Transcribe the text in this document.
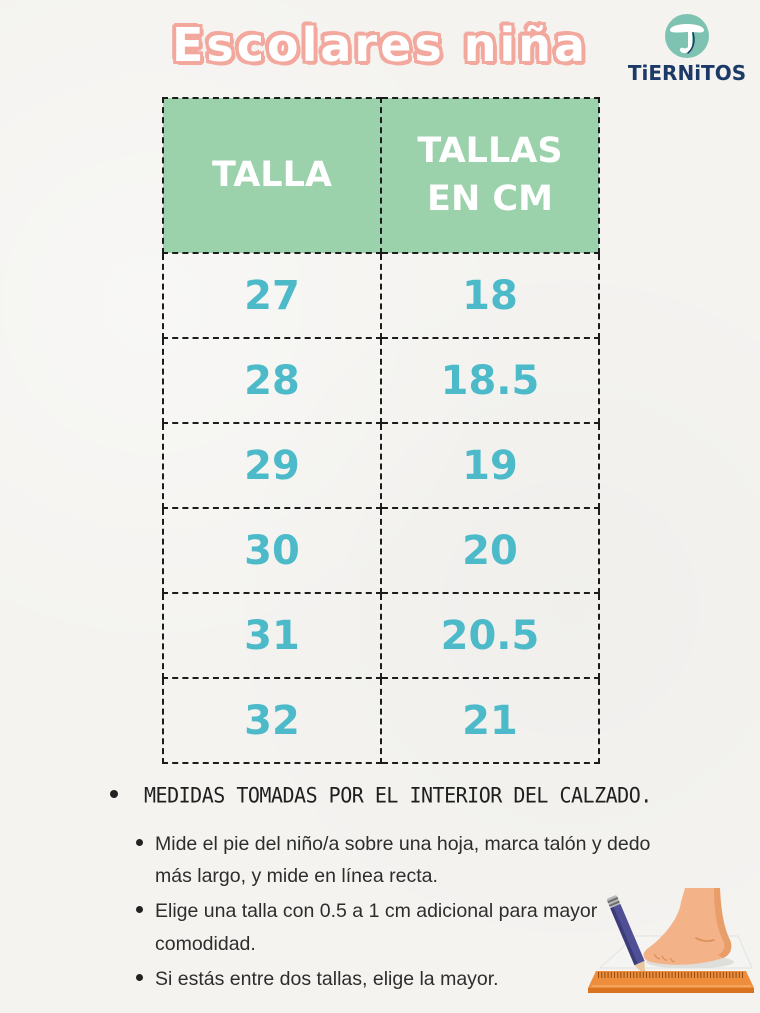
Escolares niña
TiERNiTOS
TALLA	TALLAS EN CM
27	18
28	18.5
29	19
30	20
31	20.5
32	21
MEDIDAS TOMADAS POR EL INTERIOR DEL CALZADO.
Mide el pie del niño/a sobre una hoja, marca talón y dedo
más largo, y mide en línea recta.
Elige una talla con 0.5 a 1 cm adicional para mayor
comodidad.
Si estás entre dos tallas, elige la mayor.
